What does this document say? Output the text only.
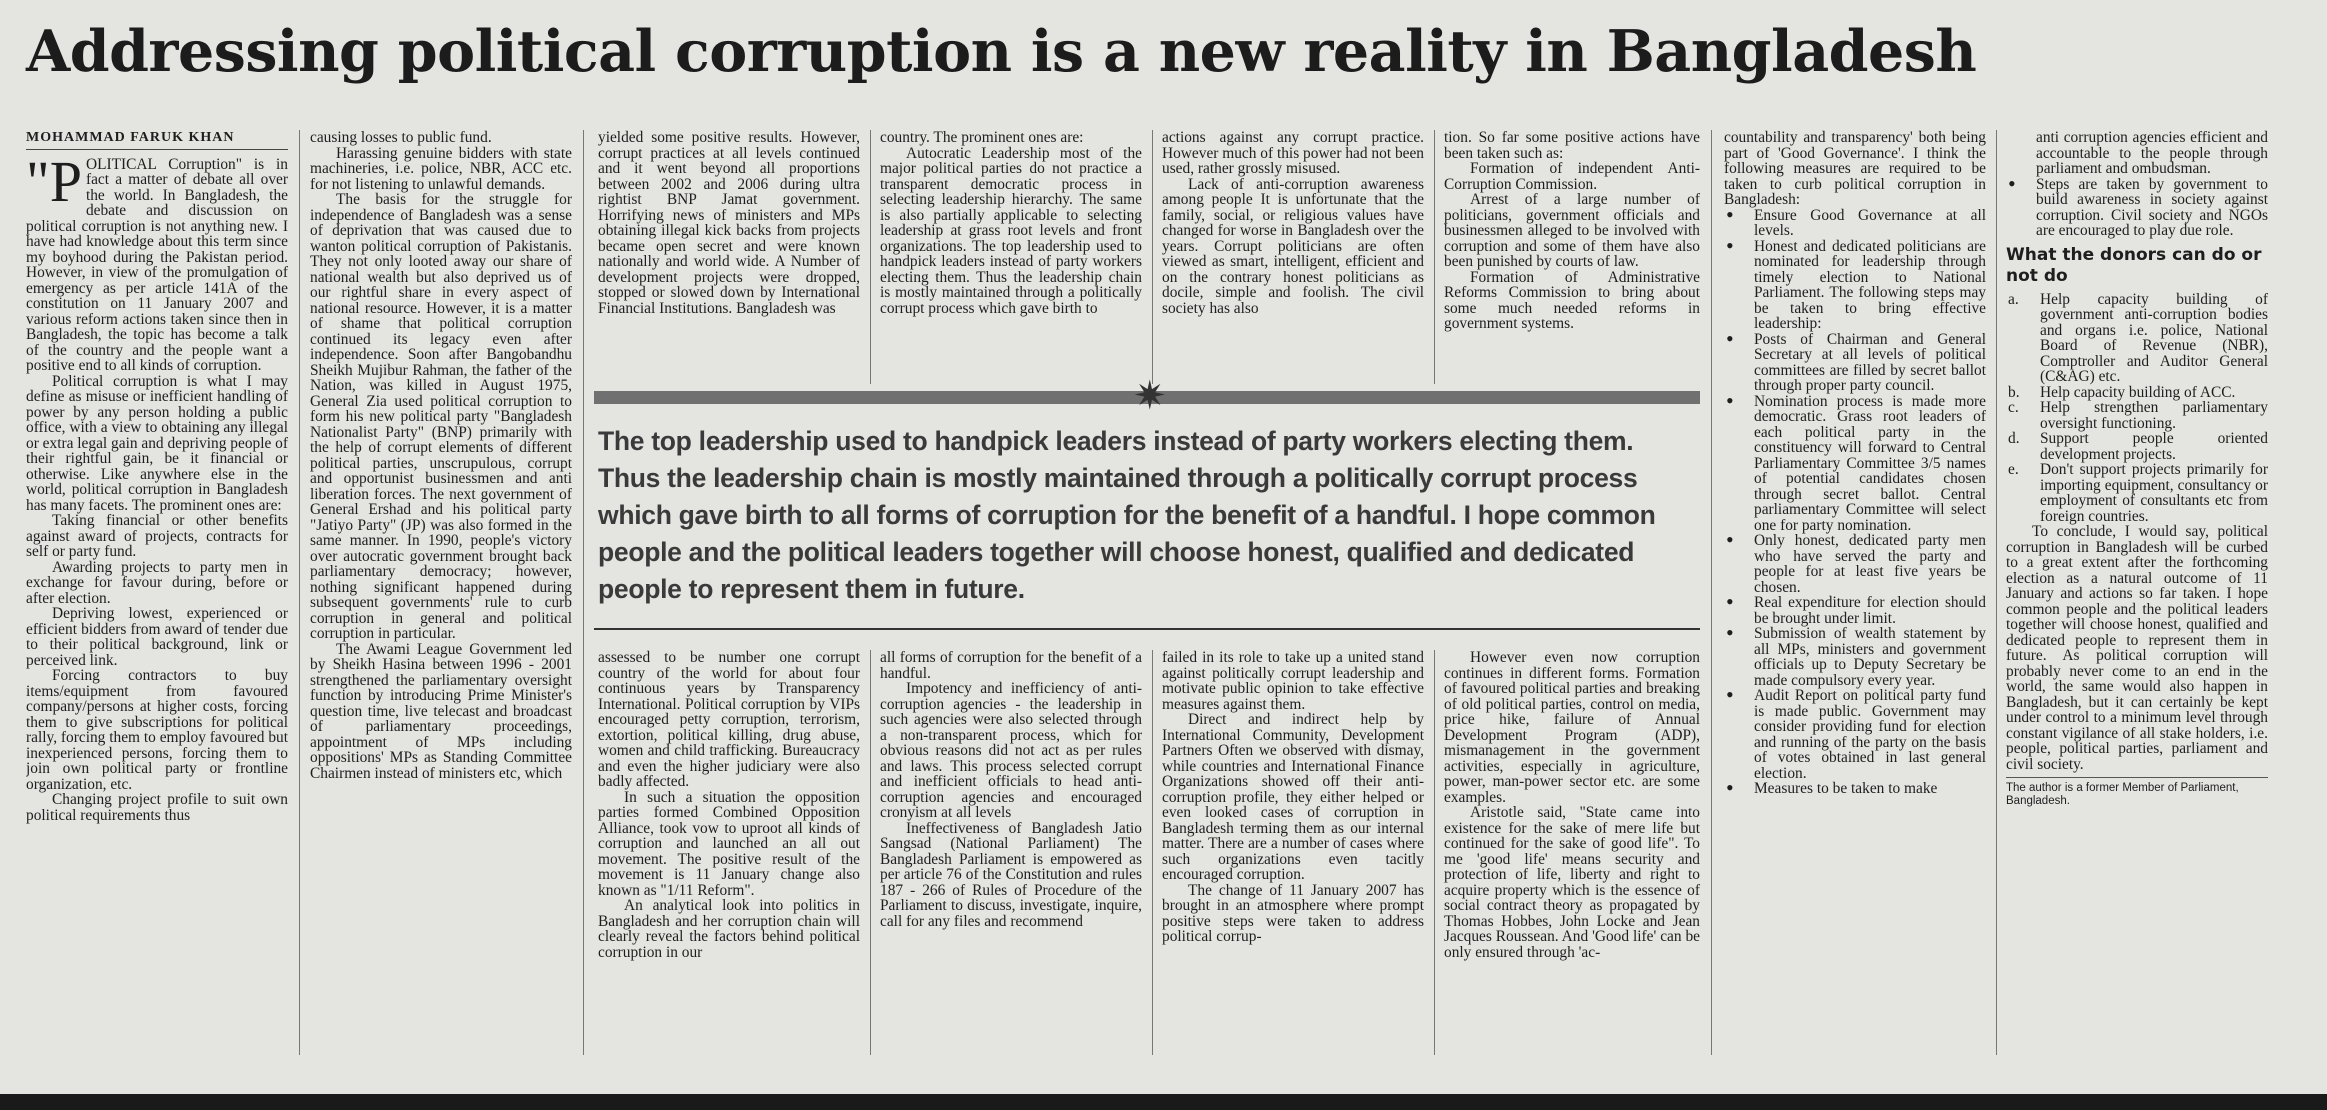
Addressing political corruption is a new reality in Bangladesh
MOHAMMAD FARUK KHAN

"P OLITICAL Corruption" is in fact a matter of debate all over the world. In Bangladesh, the debate and discussion on political corruption is not anything new. I have had knowledge about this term since my boyhood during the Pakistan period. However, in view of the promulgation of emergency as per article 141A of the constitution on 11 January 2007 and various reform actions taken since then in Bangladesh, the topic has become a talk of the country and the people want a positive end to all kinds of corruption.

Political corruption is what I may define as misuse or inefficient handling of power by any person holding a public office, with a view to obtaining any illegal or extra legal gain and depriving people of their rightful gain, be it financial or otherwise. Like anywhere else in the world, political corruption in Bangladesh has many facets. The prominent ones are:

Taking financial or other benefits against award of projects, contracts for self or party fund.

Awarding projects to party men in exchange for favour during, before or after election.

Depriving lowest, experienced or efficient bidders from award of tender due to their political background, link or perceived link.

Forcing contractors to buy items/equipment from favoured company/persons at higher costs, forcing them to give subscriptions for political rally, forcing them to employ favoured but inexperienced persons, forcing them to join own political party or frontline organization, etc.

Changing project profile to suit own political requirements thus

causing losses to public fund.

Harassing genuine bidders with state machineries, i.e. police, NBR, ACC etc. for not listening to unlawful demands.

The basis for the struggle for independence of Bangladesh was a sense of deprivation that was caused due to wanton political corruption of Pakistanis. They not only looted away our share of national wealth but also deprived us of our rightful share in every aspect of national resource. However, it is a matter of shame that political corruption continued its legacy even after independence. Soon after Bangobandhu Sheikh Mujibur Rahman, the father of the Nation, was killed in August 1975, General Zia used political corruption to form his new political party "Bangladesh Nationalist Party" (BNP) primarily with the help of corrupt elements of different political parties, unscrupulous, corrupt and opportunist businessmen and anti liberation forces. The next government of General Ershad and his political party "Jatiyo Party" (JP) was also formed in the same manner. In 1990, people's victory over autocratic government brought back parliamentary democracy; however, nothing significant happened during subsequent governments' rule to curb corruption in general and political corruption in particular.

The Awami League Government led by Sheikh Hasina between 1996 - 2001 strengthened the parliamentary oversight function by introducing Prime Minister's question time, live telecast and broadcast of parliamentary proceedings, appointment of MPs including oppositions' MPs as Standing Committee Chairmen instead of ministers etc, which

yielded some positive results. However, corrupt practices at all levels continued and it went beyond all proportions between 2002 and 2006 during ultra rightist BNP Jamat government. Horrifying news of ministers and MPs obtaining illegal kick backs from projects became open secret and were known nationally and world wide. A Number of development projects were dropped, stopped or slowed down by International Financial Institutions. Bangladesh was

country. The prominent ones are:

Autocratic Leadership most of the major political parties do not practice a transparent democratic process in selecting leadership hierarchy. The same is also partially applicable to selecting leadership at grass root levels and front organizations. The top leadership used to handpick leaders instead of party workers electing them. Thus the leadership chain is mostly maintained through a politically corrupt process which gave birth to

actions against any corrupt practice. However much of this power had not been used, rather grossly misused.

Lack of anti-corruption awareness among people It is unfortunate that the family, social, or religious values have changed for worse in Bangladesh over the years. Corrupt politicians are often viewed as smart, intelligent, efficient and on the contrary honest politicians as docile, simple and foolish. The civil society has also

tion. So far some positive actions have been taken such as:

Formation of independent Anti-Corruption Commission.

Arrest of a large number of politicians, government officials and businessmen alleged to be involved with corruption and some of them have also been punished by courts of law.

Formation of Administrative Reforms Commission to bring about some much needed reforms in government systems.

✷
The top leadership used to handpick leaders instead of party workers electing them. Thus the leadership chain is mostly maintained through a politically corrupt process which gave birth to all forms of corruption for the benefit of a handful. I hope common people and the political leaders together will choose honest, qualified and dedicated people to represent them in future.

assessed to be number one corrupt country of the world for about four continuous years by Transparency International. Political corruption by VIPs encouraged petty corruption, terrorism, extortion, political killing, drug abuse, women and child trafficking. Bureaucracy and even the higher judiciary were also badly affected.

In such a situation the opposition parties formed Combined Opposition Alliance, took vow to uproot all kinds of corruption and launched an all out movement. The positive result of the movement is 11 January change also known as "1/11 Reform".

An analytical look into politics in Bangladesh and her corruption chain will clearly reveal the factors behind political corruption in our

all forms of corruption for the benefit of a handful.

Impotency and inefficiency of anti-corruption agencies - the leadership in such agencies were also selected through a non-transparent process, which for obvious reasons did not act as per rules and laws. This process selected corrupt and inefficient officials to head anti-corruption agencies and encouraged cronyism at all levels

Ineffectiveness of Bangladesh Jatio Sangsad (National Parliament) The Bangladesh Parliament is empowered as per article 76 of the Constitution and rules 187 - 266 of Rules of Procedure of the Parliament to discuss, investigate, inquire, call for any files and recommend

failed in its role to take up a united stand against politically corrupt leadership and motivate public opinion to take effective measures against them.

Direct and indirect help by International Community, Development Partners Often we observed with dismay, while countries and International Finance Organizations showed off their anti-corruption profile, they either helped or even looked cases of corruption in Bangladesh terming them as our internal matter. There are a number of cases where such organizations even tacitly encouraged corruption.

The change of 11 January 2007 has brought in an atmosphere where prompt positive steps were taken to address political corrup-

However even now corruption continues in different forms. Formation of favoured political parties and breaking of old political parties, control on media, price hike, failure of Annual Development Program (ADP), mismanagement in the government activities, especially in agriculture, power, man-power sector etc. are some examples.

Aristotle said, "State came into existence for the sake of mere life but continued for the sake of good life". To me 'good life' means security and protection of life, liberty and right to acquire property which is the essence of social contract theory as propagated by Thomas Hobbes, John Locke and Jean Jacques Roussean. And 'Good life' can be only ensured through 'ac-

countability and transparency' both being part of 'Good Governance'. I think the following measures are required to be taken to curb political corruption in Bangladesh:

• Ensure Good Governance at all levels.
• Honest and dedicated politicians are nominated for leadership through timely election to National Parliament. The following steps may be taken to bring effective leadership:
• Posts of Chairman and General Secretary at all levels of political committees are filled by secret ballot through proper party council.
• Nomination process is made more democratic. Grass root leaders of each political party in the constituency will forward to Central Parliamentary Committee 3/5 names of potential candidates chosen through secret ballot. Central parliamentary Committee will select one for party nomination.
• Only honest, dedicated party men who have served the party and people for at least five years be chosen.
• Real expenditure for election should be brought under limit.
• Submission of wealth statement by all MPs, ministers and government officials up to Deputy Secretary be made compulsory every year.
• Audit Report on political party fund is made public. Government may consider providing fund for election and running of the party on the basis of votes obtained in last general election.
• Measures to be taken to make

anti corruption agencies efficient and accountable to the people through parliament and ombudsman.

• Steps are taken by government to build awareness in society against corruption. Civil society and NGOs are encouraged to play due role.
What the donors can do or not do
a. Help capacity building of government anti-corruption bodies and organs i.e. police, National Board of Revenue (NBR), Comptroller and Auditor General (C&AG) etc.
b. Help capacity building of ACC.
c. Help strengthen parliamentary oversight functioning.
d. Support people oriented development projects.
e. Don't support projects primarily for importing equipment, consultancy or employment of consultants etc from foreign countries.

To conclude, I would say, political corruption in Bangladesh will be curbed to a great extent after the forthcoming election as a natural outcome of 11 January and actions so far taken. I hope common people and the political leaders together will choose honest, qualified and dedicated people to represent them in future. As political corruption will probably never come to an end in the world, the same would also happen in Bangladesh, but it can certainly be kept under control to a minimum level through constant vigilance of all stake holders, i.e. people, political parties, parliament and civil society.

The author is a former Member of Parliament, Bangladesh.
